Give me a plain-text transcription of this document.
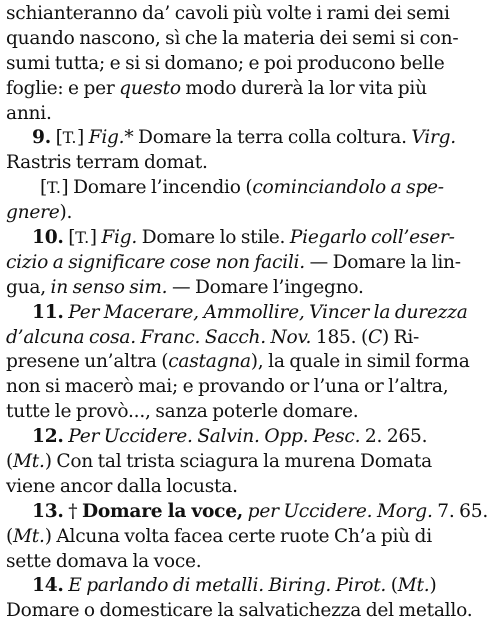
schianteranno da’ cavoli più volte i rami dei semi
quando nascono, sì che la materia dei semi si con-
sumi tutta; e si si domano; e poi producono belle
foglie: e per questo modo durerà la lor vita più
anni.
9. [T.] Fig.* Domare la terra colla coltura. Virg.
Rastris terram domat.
[T.] Domare l’incendio (cominciandolo a spe-
gnere).
10. [T.] Fig. Domare lo stile. Piegarlo coll’eser-
cizio a significare cose non facili. — Domare la lin-
gua, in senso sim. — Domare l’ingegno.
11. Per Macerare, Ammollire, Vincer la durezza
d’alcuna cosa. Franc. Sacch. Nov. 185. (C) Ri-
presene un’altra (castagna), la quale in simil forma
non si macerò mai; e provando or l’una or l’altra,
tutte le provò..., sanza poterle domare.
12. Per Uccidere. Salvin. Opp. Pesc. 2. 265.
(Mt.) Con tal trista sciagura la murena Domata
viene ancor dalla locusta.
13. † Domare la voce, per Uccidere. Morg. 7. 65.
(Mt.) Alcuna volta facea certe ruote Ch’a più di
sette domava la voce.
14. E parlando di metalli. Biring. Pirot. (Mt.)
Domare o domesticare la salvatichezza del metallo.
